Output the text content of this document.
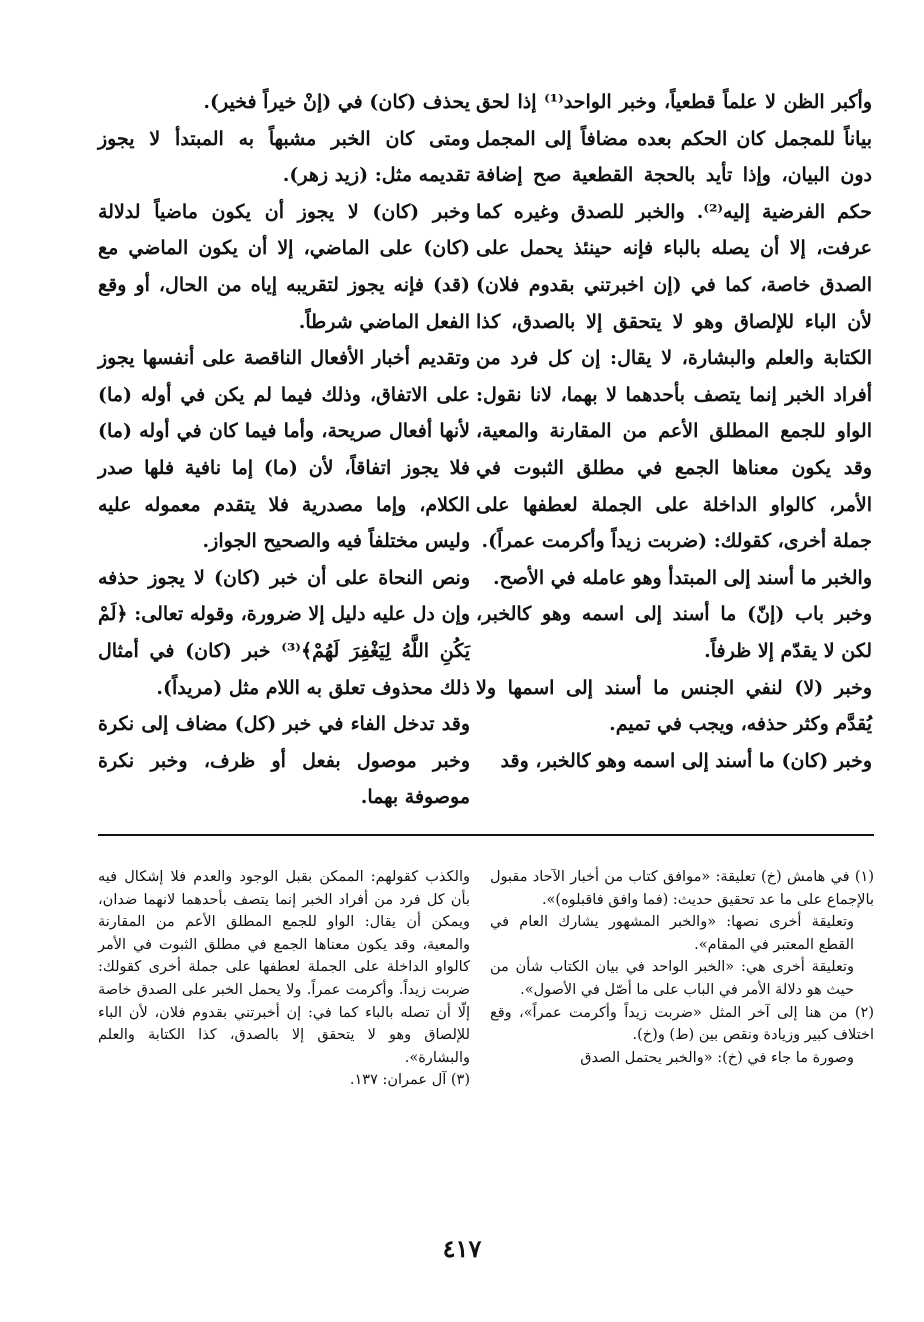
وأكبر الظن لا علماً قطعياً، وخبر الواحد⁽¹⁾ إذا لحق بياناً للمجمل كان الحكم بعده مضافاً إلى المجمل دون البيان، وإذا تأيد بالحجة القطعية صح إضافة حكم الفرضية إليه⁽²⁾. والخبر للصدق وغيره كما عرفت، إلا أن يصله بالباء فإنه حينئذ يحمل على الصدق خاصة، كما في (إن اخبرتني بقدوم فلان) لأن الباء للإلصاق وهو لا يتحقق إلا بالصدق، كذا الكتابة والعلم والبشارة، لا يقال: إن كل فرد من أفراد الخبر إنما يتصف بأحدهما لا بهما، لانا نقول: الواو للجمع المطلق الأعم من المقارنة والمعية، وقد يكون معناها الجمع في مطلق الثبوت في الأمر، كالواو الداخلة على الجملة لعطفها على جملة أخرى، كقولك: (ضربت زيداً وأكرمت عمراً).

والخبر ما أسند إلى المبتدأ وهو عامله في الأصح.

وخبر باب (إنّ) ما أسند إلى اسمه وهو كالخبر، لكن لا يقدّم إلا ظرفاً.

وخبر (لا) لنفي الجنس ما أسند إلى اسمها ولا يُقدَّم وكثر حذفه، ويجب في تميم.

وخبر (كان) ما أسند إلى اسمه وهو كالخبر، وقد

يحذف (كان) في (إنْ خيراً فخير).

ومتى كان الخبر مشبهاً به المبتدأ لا يجوز تقديمه مثل: (زيد زهر).

وخبر (كان) لا يجوز أن يكون ماضياً لدلالة (كان) على الماضي، إلا أن يكون الماضي مع (قد) فإنه يجوز لتقريبه إياه من الحال، أو وقع الفعل الماضي شرطاً.

وتقديم أخبار الأفعال الناقصة على أنفسها يجوز على الاتفاق، وذلك فيما لم يكن في أوله (ما) لأنها أفعال صريحة، وأما فيما كان في أوله (ما) فلا يجوز اتفاقاً، لأن (ما) إما نافية فلها صدر الكلام، وإما مصدرية فلا يتقدم معموله عليه وليس مختلفاً فيه والصحيح الجواز.

ونص النحاة على أن خبر (كان) لا يجوز حذفه وإن دل عليه دليل إلا ضرورة، وقوله تعالى: ﴿لَمْ يَكُنِ اللَّهُ لِيَغْفِرَ لَهُمْ﴾⁽³⁾ خبر (كان) في أمثال ذلك محذوف تعلق به اللام مثل (مريداً).

وقد تدخل الفاء في خبر (كل) مضاف إلى نكرة وخبر موصول بفعل أو ظرف، وخبر نكرة موصوفة بهما.

(١) في هامش (خ) تعليقة: «موافق كتاب من أخبار الآحاد مقبول بالإجماع على ما عد تحقيق حديث: (فما وافق فاقبلوه)».

وتعليقة أخرى نصها: «والخبر المشهور يشارك العام في القطع المعتبر في المقام».

وتعليقة أخرى هي: «الخبر الواحد في بيان الكتاب شأن من حيث هو دلالة الأمر في الباب على ما أصّل في الأصول».

(٢) من هنا إلى آخر المثل «ضربت زيداً وأكرمت عمراً»، وقع اختلاف كبير وزيادة ونقص بين (ط) و(خ).

وصورة ما جاء في (خ): «والخبر يحتمل الصدق

والكذب كقولهم: الممكن بقبل الوجود والعدم فلا إشكال فيه بأن كل فرد من أفراد الخبر إنما يتصف بأحدهما لانهما ضدان، ويمكن أن يقال: الواو للجمع المطلق الأعم من المقارنة والمعية، وقد يكون معناها الجمع في مطلق الثبوت في الأمر كالواو الداخلة على الجملة لعطفها على جملة أخرى كقولك: ضربت زيداً. وأكرمت عمراً. ولا يحمل الخبر على الصدق خاصة إلّا أن تصله بالباء كما في: إن أخبرتني بقدوم فلان، لأن الباء للإلصاق وهو لا يتحقق إلا بالصدق، كذا الكتابة والعلم والبشارة».

(٣) آل عمران: ١٣٧.

٤١٧
